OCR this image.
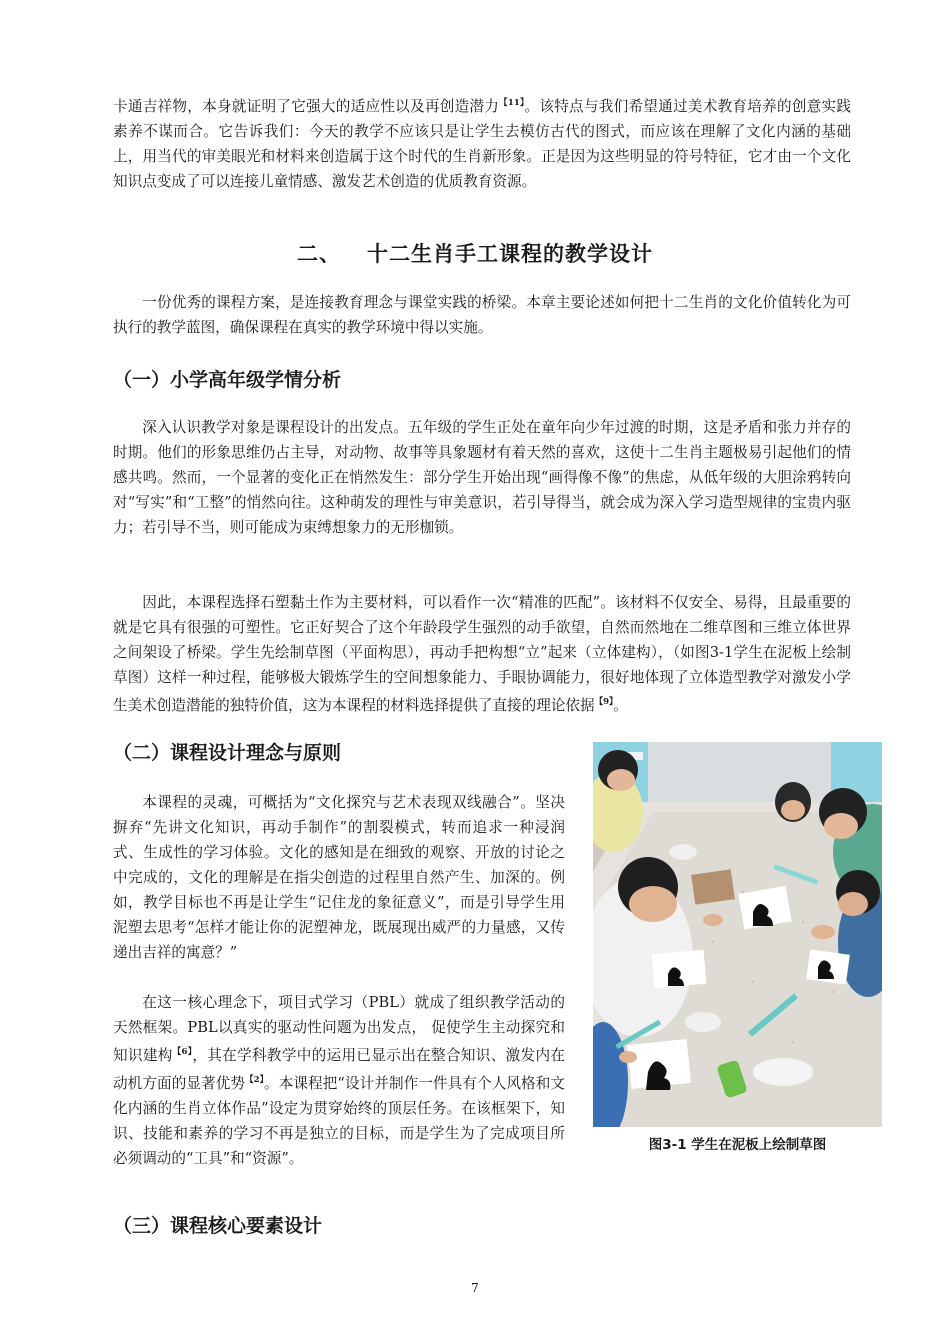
卡通吉祥物，本身就证明了它强大的适应性以及再创造潜力$^{【11】}$。该特点与我们希望通过美术教育培养的创意实践素养不谋而合。它告诉我们：今天的教学不应该只是让学生去模仿古代的图式，而应该在理解了文化内涵的基础上，用当代的审美眼光和材料来创造属于这个时代的生肖新形象。正是因为这些明显的符号特征，它才由一个文化知识点变成了可以连接儿童情感、激发艺术创造的优质教育资源。

二、 十二生肖手工课程的教学设计

一份优秀的课程方案，是连接教育理念与课堂实践的桥梁。本章主要论述如何把十二生肖的文化价值转化为可执行的教学蓝图，确保课程在真实的教学环境中得以实施。

（一）小学高年级学情分析

深入认识教学对象是课程设计的出发点。五年级的学生正处在童年向少年过渡的时期，这是矛盾和张力并存的时期。他们的形象思维仍占主导，对动物、故事等具象题材有着天然的喜欢，这使十二生肖主题极易引起他们的情感共鸣。然而，一个显著的变化正在悄然发生：部分学生开始出现“画得像不像”的焦虑，从低年级的大胆涂鸦转向对“写实”和“工整”的悄然向往。这种萌发的理性与审美意识，若引导得当，就会成为深入学习造型规律的宝贵内驱力；若引导不当，则可能成为束缚想象力的无形枷锁。

因此，本课程选择石塑黏土作为主要材料，可以看作一次“精准的匹配”。该材料不仅安全、易得，且最重要的就是它具有很强的可塑性。它正好契合了这个年龄段学生强烈的动手欲望，自然而然地在二维草图和三维立体世界之间架设了桥梁。学生先绘制草图（平面构思），再动手把构想“立”起来（立体建构），（如图3-1学生在泥板上绘制草图）这样一种过程，能够极大锻炼学生的空间想象能力、手眼协调能力，很好地体现了立体造型教学对激发小学生美术创造潜能的独特价值，这为本课程的材料选择提供了直接的理论依据$^{【9】}$。

（二）课程设计理念与原则

本课程的灵魂，可概括为“文化探究与艺术表现双线融合”。坚决摒弃“先讲文化知识，再动手制作”的割裂模式，转而追求一种浸润式、生成性的学习体验。文化的感知是在细致的观察、开放的讨论之中完成的，文化的理解是在指尖创造的过程里自然产生、加深的。例如，教学目标也不再是让学生“记住龙的象征意义”，而是引导学生用泥塑去思考“怎样才能让你的泥塑神龙，既展现出威严的力量感，又传递出吉祥的寓意？”

在这一核心理念下，项目式学习（PBL）就成了组织教学活动的天然框架。PBL以真实的驱动性问题为出发点， 促使学生主动探究和知识建构$^{【6】}$，其在学科教学中的运用已显示出在整合知识、激发内在动机方面的显著优势$^{【2】}$。本课程把“设计并制作一件具有个人风格和文化内涵的生肖立体作品”设定为贯穿始终的顶层任务。在该框架下，知识、技能和素养的学习不再是独立的目标，而是学生为了完成项目所必须调动的“工具”和“资源”。

图3-1 学生在泥板上绘制草图
（三）课程核心要素设计
7
